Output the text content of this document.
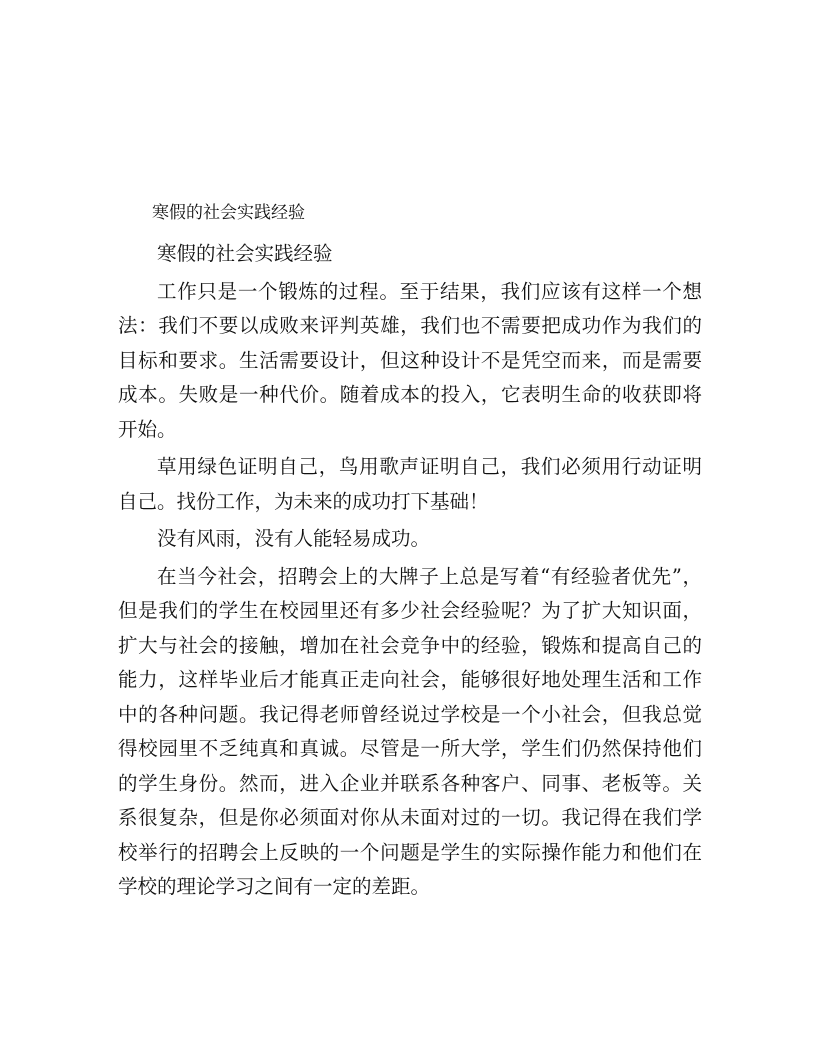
寒假的社会实践经验

寒假的社会实践经验

工作只是一个锻炼的过程。至于结果，我们应该有这样一个想法：我们不要以成败来评判英雄，我们也不需要把成功作为我们的目标和要求。生活需要设计，但这种设计不是凭空而来，而是需要成本。失败是一种代价。随着成本的投入，它表明生命的收获即将开始。

草用绿色证明自己，鸟用歌声证明自己，我们必须用行动证明自己。找份工作，为未来的成功打下基础！

没有风雨，没有人能轻易成功。

在当今社会，招聘会上的大牌子上总是写着“有经验者优先”，但是我们的学生在校园里还有多少社会经验呢？为了扩大知识面，扩大与社会的接触，增加在社会竞争中的经验，锻炼和提高自己的能力，这样毕业后才能真正走向社会，能够很好地处理生活和工作中的各种问题。我记得老师曾经说过学校是一个小社会，但我总觉得校园里不乏纯真和真诚。尽管是一所大学，学生们仍然保持他们的学生身份。然而，进入企业并联系各种客户、同事、老板等。关系很复杂，但是你必须面对你从未面对过的一切。我记得在我们学校举行的招聘会上反映的一个问题是学生的实际操作能力和他们在学校的理论学习之间有一定的差距。
